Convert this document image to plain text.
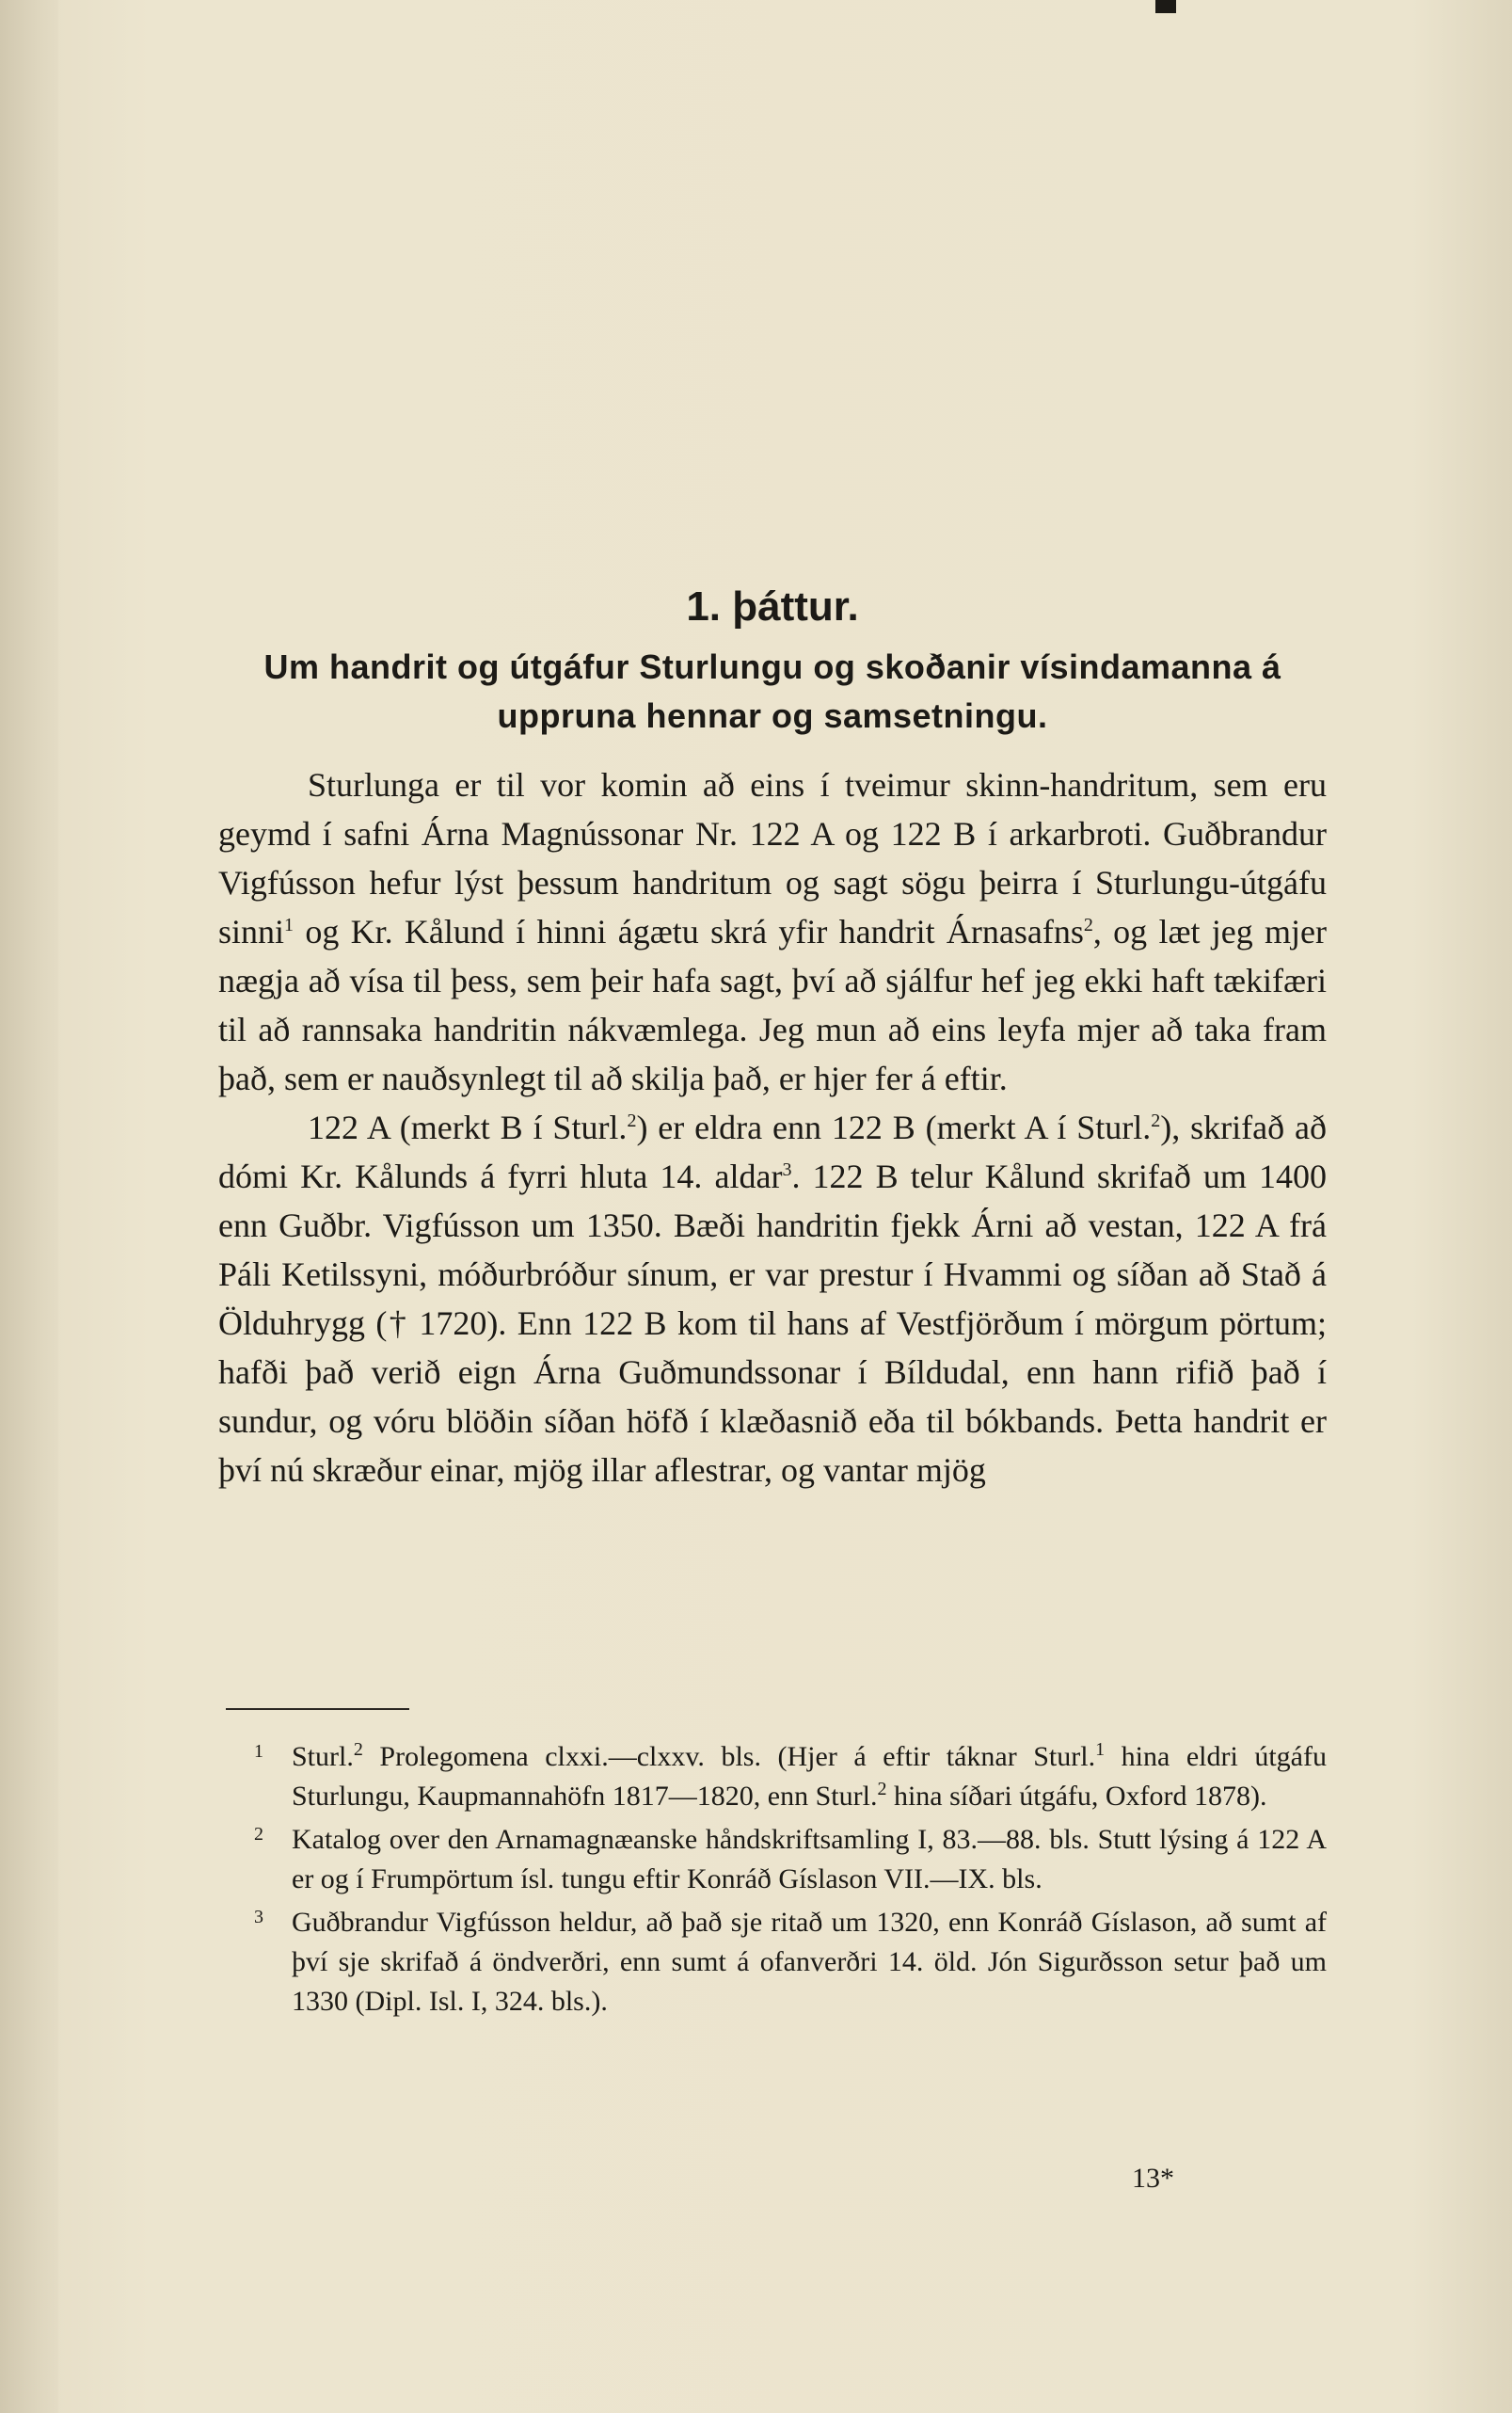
1. þáttur.
Um handrit og útgáfur Sturlungu og skoðanir vísindamanna á
uppruna hennar og samsetningu.

Sturlunga er til vor komin að eins í tveimur skinn-handritum, sem eru geymd í safni Árna Magnússonar Nr. 122 A og 122 B í arkarbroti. Guðbrandur Vigfússon hefur lýst þessum handritum og sagt sögu þeirra í Sturlungu-útgáfu sinni$^1$ og Kr. Kålund í hinni ágætu skrá yfir handrit Árnasafns$^2$, og læt jeg mjer nægja að vísa til þess, sem þeir hafa sagt, því að sjálfur hef jeg ekki haft tækifæri til að rannsaka handritin nákvæmlega. Jeg mun að eins leyfa mjer að taka fram það, sem er nauðsynlegt til að skilja það, er hjer fer á eftir.

122 A (merkt B í Sturl.$^2$) er eldra enn 122 B (merkt A í Sturl.$^2$), skrifað að dómi Kr. Kålunds á fyrri hluta 14. aldar$^3$. 122 B telur Kålund skrifað um 1400 enn Guðbr. Vigfússon um 1350. Bæði handritin fjekk Árni að vestan, 122 A frá Páli Ketilssyni, móðurbróður sínum, er var prestur í Hvammi og síðan að Stað á Ölduhrygg († 1720). Enn 122 B kom til hans af Vestfjörðum í mörgum pörtum; hafði það verið eign Árna Guðmundssonar í Bíldudal, enn hann rifið það í sundur, og vóru blöðin síðan höfð í klæðasnið eða til bókbands. Þetta handrit er því nú skræður einar, mjög illar aflestrar, og vantar mjög

1 Sturl.$^2$ Prolegomena clxxi.—clxxv. bls. (Hjer á eftir táknar Sturl.$^1$ hina eldri útgáfu Sturlungu, Kaupmannahöfn 1817—1820, enn Sturl.$^2$ hina síðari útgáfu, Oxford 1878).
2 Katalog over den Arnamagnæanske håndskriftsamling I, 83.—88. bls. Stutt lýsing á 122 A er og í Frumpörtum ísl. tungu eftir Konráð Gíslason VII.—IX. bls.
3 Guðbrandur Vigfússon heldur, að það sje ritað um 1320, enn Konráð Gíslason, að sumt af því sje skrifað á öndverðri, enn sumt á ofanverðri 14. öld. Jón Sigurðsson setur það um 1330 (Dipl. Isl. I, 324. bls.).
13*
